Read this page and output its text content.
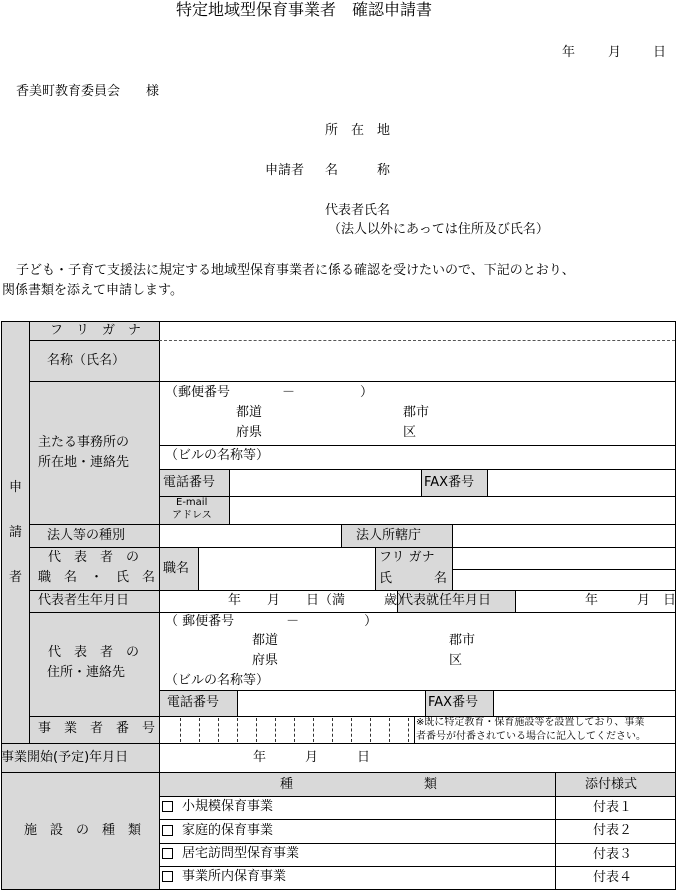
特定地域型保育事業者　確認申請書
年	月 日
香美町教育委員会　　様
所　在　地
申請者 名　　　称
代表者氏名
（法人以外にあっては住所及び氏名）
子ども・子育て支援法に規定する地域型保育事業者に係る確認を受けたいので、下記のとおり、
関係書類を添えて申請します。
申
請
者
フ　リ　ガ　ナ
名称（氏名）
主たる事務所の
所在地・連絡先
（郵便番号　　　　－　　　　　）
都道
府県
郡市
区
（ビルの名称等）
電話番号	FAX番号
E-mail
アドレス
法人等の種別	法人所轄庁
代　表　者　の
職　名　・　氏　名
職名
フリ ガナ
氏	名
代表者生年月日	年　　月　　日（満　　　歳）
代表就任年月日	年　　　月 日
代　表　者　の
住所・連絡先
（ 郵便番号　　　　－　　　　　）
都道
府県
郡市
区
（ビルの名称等）
電話番号	FAX番号
事　業　者　番　号	※既に特定教育・保育施設等を設置しており、事業
者番号が付番されている場合に記入してください。
事業開始(予定)年月日	年　　　月　　　日
施　設　の　種　類
種	類	添付様式
小規模保育事業	付表１
家庭的保育事業	付表２
居宅訪問型保育事業	付表３
事業所内保育事業	付表４
